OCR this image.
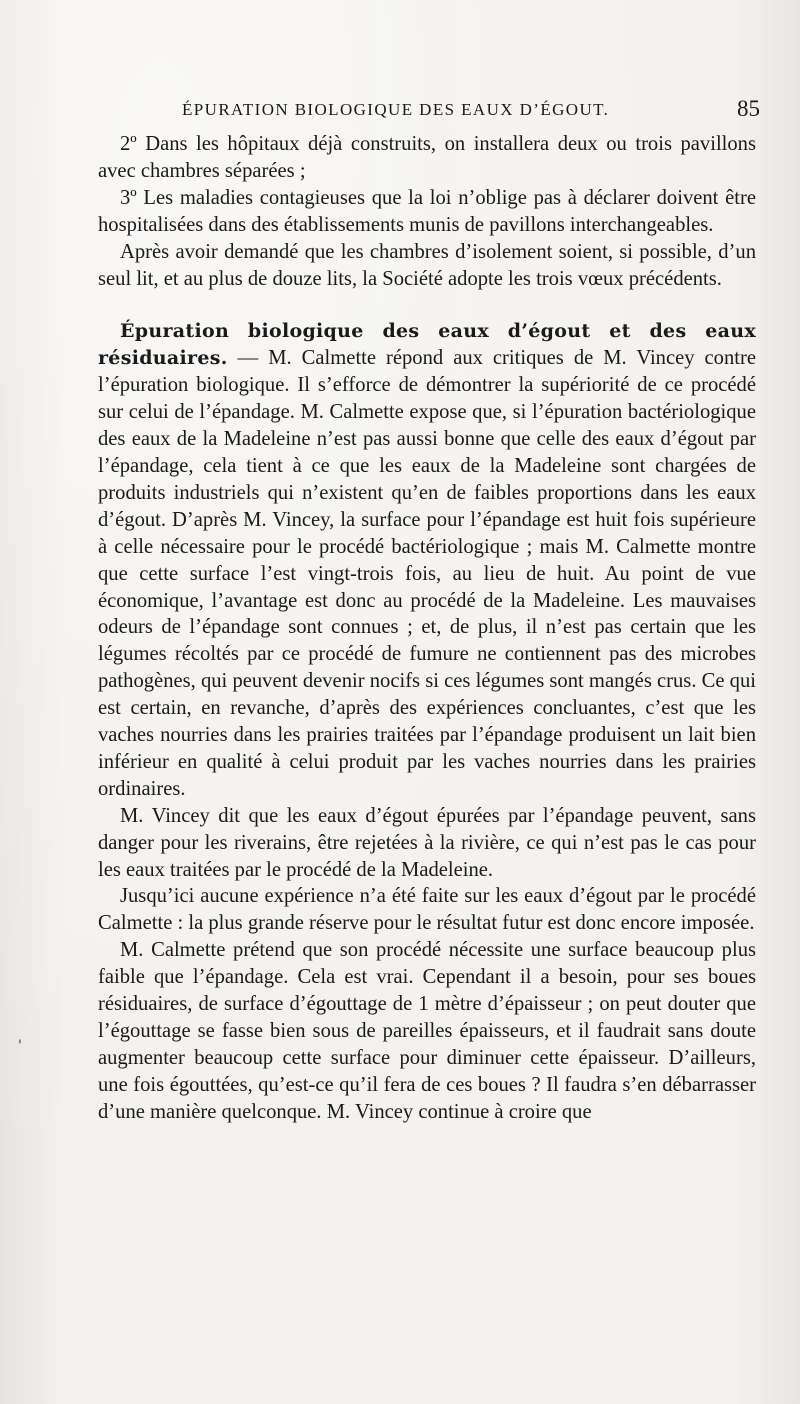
ÉPURATION BIOLOGIQUE DES EAUX D’ÉGOUT.	85

2º Dans les hôpitaux déjà construits, on installera deux ou trois pavillons avec chambres séparées ;

3º Les maladies contagieuses que la loi n’oblige pas à déclarer doivent être hospitalisées dans des établissements munis de pavillons interchangeables.

Après avoir demandé que les chambres d’isolement soient, si possible, d’un seul lit, et au plus de douze lits, la Société adopte les trois vœux précédents.

Épuration biologique des eaux d’égout et des eaux résiduaires. — M. Calmette répond aux critiques de M. Vincey contre l’épuration biologique. Il s’efforce de démontrer la supériorité de ce procédé sur celui de l’épandage. M. Calmette expose que, si l’épuration bactériologique des eaux de la Madeleine n’est pas aussi bonne que celle des eaux d’égout par l’épandage, cela tient à ce que les eaux de la Madeleine sont chargées de produits industriels qui n’existent qu’en de faibles proportions dans les eaux d’égout. D’après M. Vincey, la surface pour l’épandage est huit fois supérieure à celle nécessaire pour le procédé bactériologique ; mais M. Calmette montre que cette surface l’est vingt-trois fois, au lieu de huit. Au point de vue économique, l’avantage est donc au procédé de la Madeleine. Les mauvaises odeurs de l’épandage sont connues ; et, de plus, il n’est pas certain que les légumes récoltés par ce procédé de fumure ne contiennent pas des microbes pathogènes, qui peuvent devenir nocifs si ces légumes sont mangés crus. Ce qui est certain, en revanche, d’après des expériences concluantes, c’est que les vaches nourries dans les prairies traitées par l’épandage produisent un lait bien inférieur en qualité à celui produit par les vaches nourries dans les prairies ordinaires.

M. Vincey dit que les eaux d’égout épurées par l’épandage peuvent, sans danger pour les riverains, être rejetées à la rivière, ce qui n’est pas le cas pour les eaux traitées par le procédé de la Madeleine.

Jusqu’ici aucune expérience n’a été faite sur les eaux d’égout par le procédé Calmette : la plus grande réserve pour le résultat futur est donc encore imposée.

M. Calmette prétend que son procédé nécessite une surface beaucoup plus faible que l’épandage. Cela est vrai. Cependant il a besoin, pour ses boues résiduaires, de surface d’égouttage de 1 mètre d’épaisseur ; on peut douter que l’égouttage se fasse bien sous de pareilles épaisseurs, et il faudrait sans doute augmenter beaucoup cette surface pour diminuer cette épaisseur. D’ailleurs, une fois égouttées, qu’est-ce qu’il fera de ces boues ? Il faudra s’en débarrasser d’une manière quelconque. M. Vincey continue à croire que

'
